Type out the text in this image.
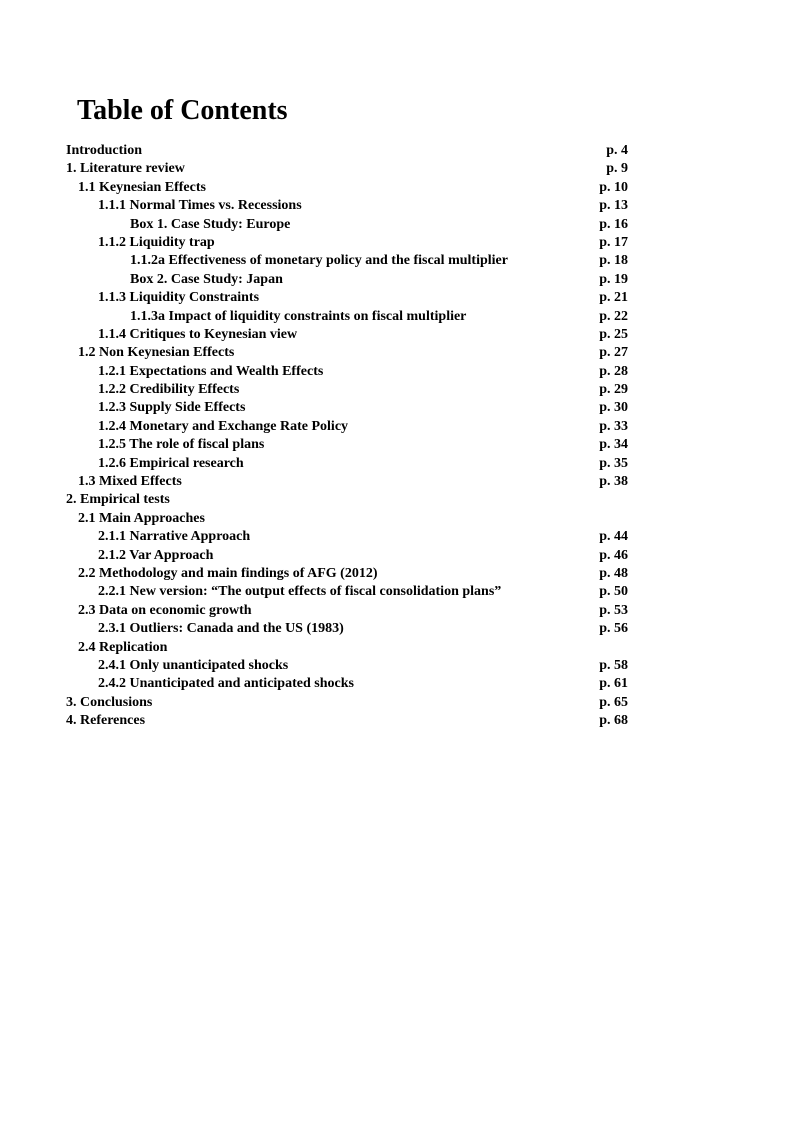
Table of Contents
Introduction	p. 4
1. Literature review	p. 9
1.1 Keynesian Effects	p. 10
1.1.1 Normal Times vs. Recessions	p. 13
Box 1. Case Study: Europe	p. 16
1.1.2 Liquidity trap	p. 17
1.1.2a Effectiveness of monetary policy and the fiscal multiplier	p. 18
Box 2. Case Study: Japan	p. 19
1.1.3 Liquidity Constraints	p. 21
1.1.3a Impact of liquidity constraints on fiscal multiplier	p. 22
1.1.4 Critiques to Keynesian view	p. 25
1.2 Non Keynesian Effects	p. 27
1.2.1 Expectations and Wealth Effects	p. 28
1.2.2 Credibility Effects	p. 29
1.2.3 Supply Side Effects	p. 30
1.2.4 Monetary and Exchange Rate Policy	p. 33
1.2.5 The role of fiscal plans	p. 34
1.2.6 Empirical research	p. 35
1.3 Mixed Effects	p. 38
2. Empirical tests
2.1 Main Approaches
2.1.1 Narrative Approach	p. 44
2.1.2 Var Approach	p. 46
2.2 Methodology and main findings of AFG (2012)	p. 48
2.2.1 New version: “The output effects of fiscal consolidation plans”	p. 50
2.3 Data on economic growth	p. 53
2.3.1 Outliers: Canada and the US (1983)	p. 56
2.4 Replication
2.4.1 Only unanticipated shocks	p. 58
2.4.2 Unanticipated and anticipated shocks	p. 61
3. Conclusions	p. 65
4. References	p. 68
